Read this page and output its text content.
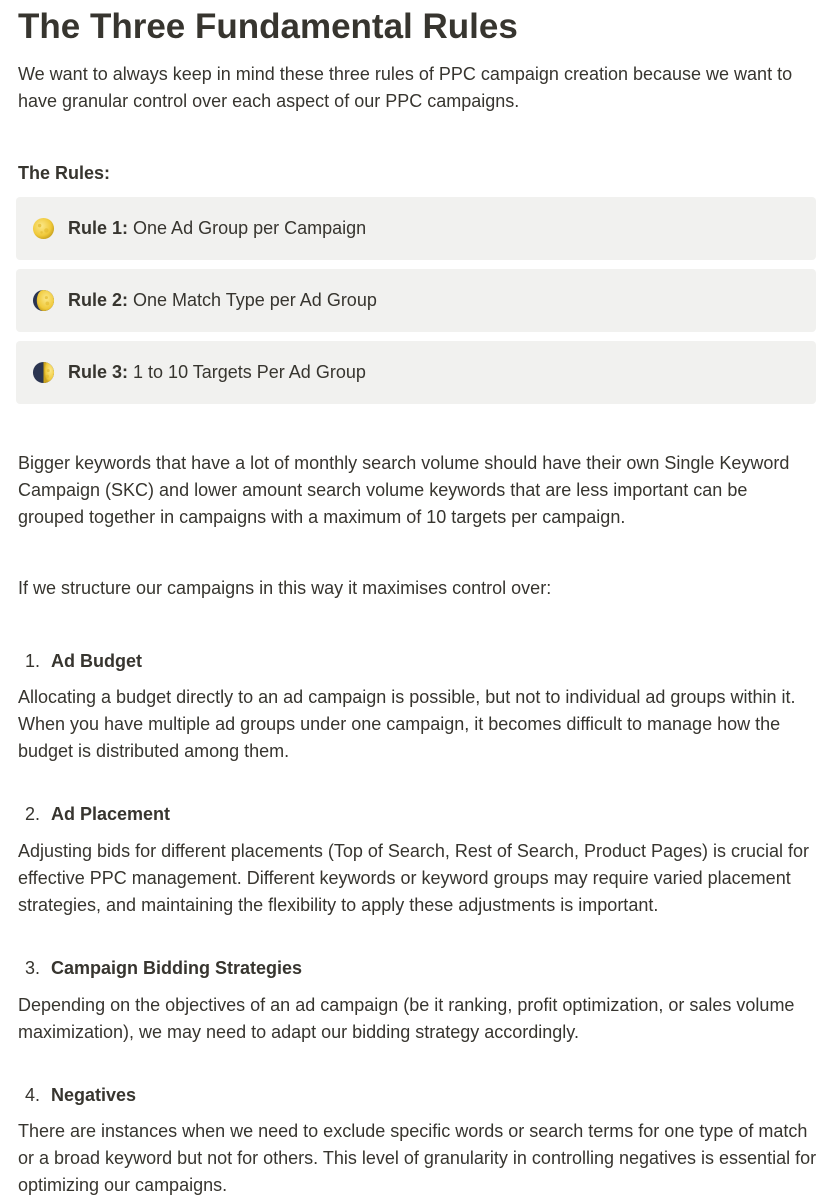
The Three Fundamental Rules

We want to always keep in mind these three rules of PPC campaign creation because we want to have granular control over each aspect of our PPC campaigns.

The Rules:

Rule 1: One Ad Group per Campaign
Rule 2: One Match Type per Ad Group
Rule 3: 1 to 10 Targets Per Ad Group

Bigger keywords that have a lot of monthly search volume should have their own Single Keyword Campaign (SKC) and lower amount search volume keywords that are less important can be grouped together in campaigns with a maximum of 10 targets per campaign.

If we structure our campaigns in this way it maximises control over:

1. Ad Budget

Allocating a budget directly to an ad campaign is possible, but not to individual ad groups within it. When you have multiple ad groups under one campaign, it becomes difficult to manage how the budget is distributed among them.

2. Ad Placement

Adjusting bids for different placements (Top of Search, Rest of Search, Product Pages) is crucial for effective PPC management. Different keywords or keyword groups may require varied placement strategies, and maintaining the flexibility to apply these adjustments is important.

3. Campaign Bidding Strategies

Depending on the objectives of an ad campaign (be it ranking, profit optimization, or sales volume maximization), we may need to adapt our bidding strategy accordingly.

4. Negatives

There are instances when we need to exclude specific words or search terms for one type of match or a broad keyword but not for others. This level of granularity in controlling negatives is essential for optimizing our campaigns.
